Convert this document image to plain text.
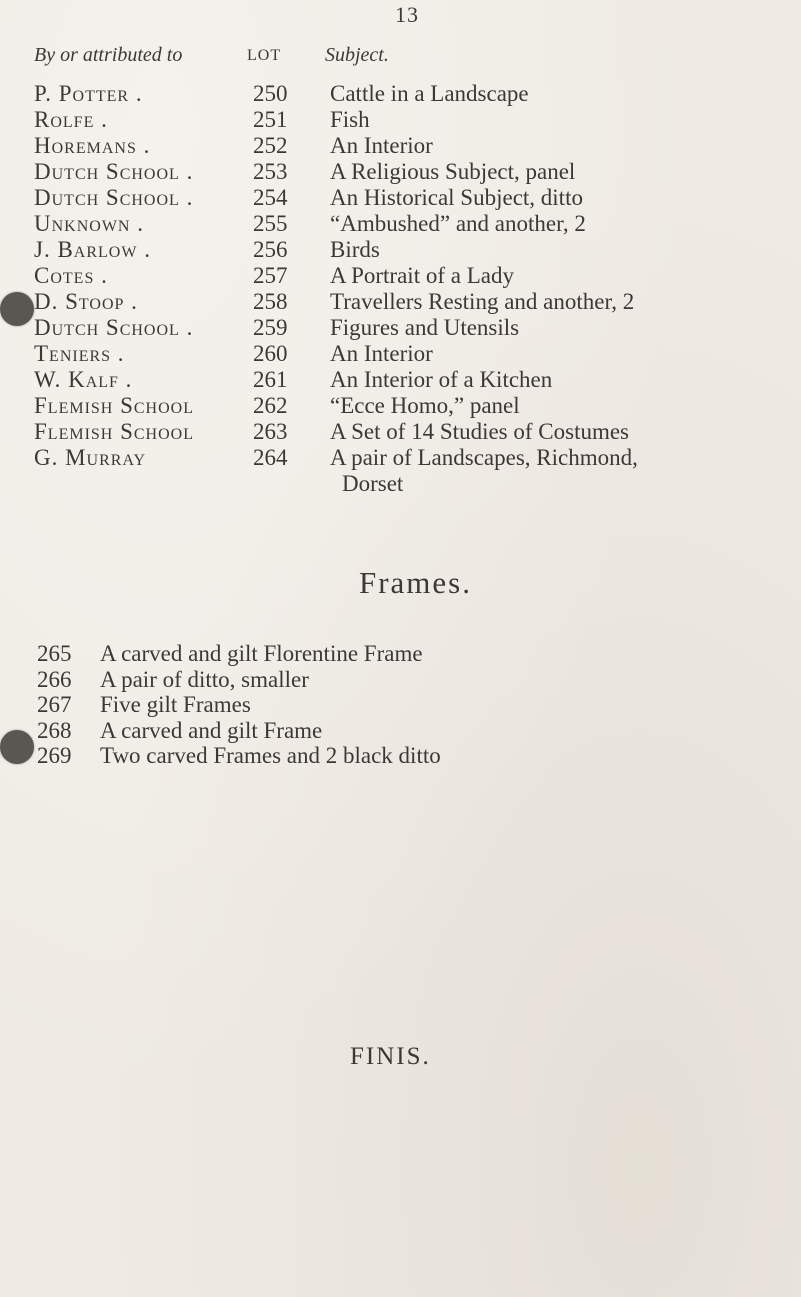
13
By or attributed to	LOT Subject.
P. Potter .	250 Cattle in a Landscape
Rolfe .	251 Fish
Horemans .	252 An Interior
Dutch School .	253 A Religious Subject, panel
Dutch School .	254 An Historical Subject, ditto
Unknown .	255 “Ambushed” and another, 2
J. Barlow .	256 Birds
Cotes .	257 A Portrait of a Lady
D. Stoop .	258 Travellers Resting and another, 2
Dutch School .	259 Figures and Utensils
Teniers .	260 An Interior
W. Kalf .	261 An Interior of a Kitchen
Flemish School	262 “Ecce Homo,” panel
Flemish School	263 A Set of 14 Studies of Costumes
G. Murray	264 A pair of Landscapes, Richmond,
Dorset
Frames.
265 A carved and gilt Florentine Frame
266 A pair of ditto, smaller
267 Five gilt Frames
268 A carved and gilt Frame
269 Two carved Frames and 2 black ditto
FINIS.
